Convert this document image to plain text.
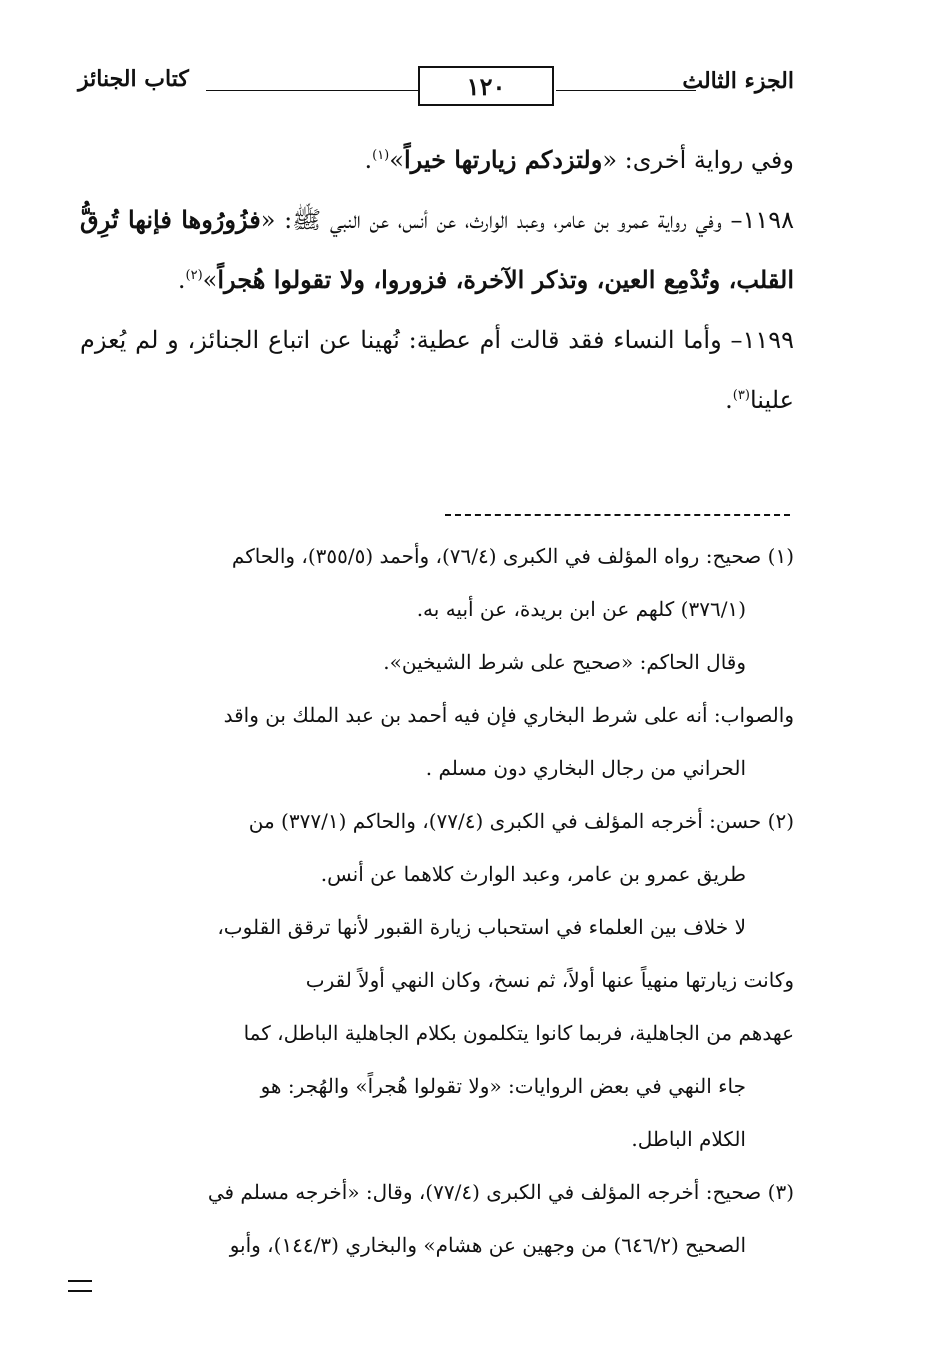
الجزء الثالث
١٢٠
كتاب الجنائز

وفي رواية أخرى: «ولتزدكم زيارتها خيراً»$^{(١)}$.

١١٩٨– وفي رواية عمرو بن عامر، وعبد الوارث، عن أنس، عن النبي ﷺ: «فزُورُوها فإنها تُرِقُّ القلب، وتُدْمِع العين، وتذكر الآخرة، فزوروا، ولا تقولوا هُجراً»$^{(٢)}$.

١١٩٩– وأما النساء فقد قالت أم عطية: نُهينا عن اتباع الجنائز، و لم يُعزم علينا$^{(٣)}$.

(١) صحيح: رواه المؤلف في الكبرى (٧٦/٤)، وأحمد (٣٥٥/٥)، والحاكم

(٣٧٦/١) كلهم عن ابن بريدة، عن أبيه به.

وقال الحاكم: «صحيح على شرط الشيخين».

والصواب: أنه على شرط البخاري فإن فيه أحمد بن عبد الملك بن واقد

الحراني من رجال البخاري دون مسلم .

(٢) حسن: أخرجه المؤلف في الكبرى (٧٧/٤)، والحاكم (٣٧٧/١) من

طريق عمرو بن عامر، وعبد الوارث كلاهما عن أنس.

لا خلاف بين العلماء في استحباب زيارة القبور لأنها ترقق القلوب،

وكانت زيارتها منهياً عنها أولاً، ثم نسخ، وكان النهي أولاً لقرب

عهدهم من الجاهلية، فربما كانوا يتكلمون بكلام الجاهلية الباطل، كما

جاء النهي في بعض الروايات: «ولا تقولوا هُجراً» والهُجر: هو

الكلام الباطل.

(٣) صحيح: أخرجه المؤلف في الكبرى (٧٧/٤)، وقال: «أخرجه مسلم في

الصحيح (٦٤٦/٢) من وجهين عن هشام» والبخاري (١٤٤/٣)، وأبو
